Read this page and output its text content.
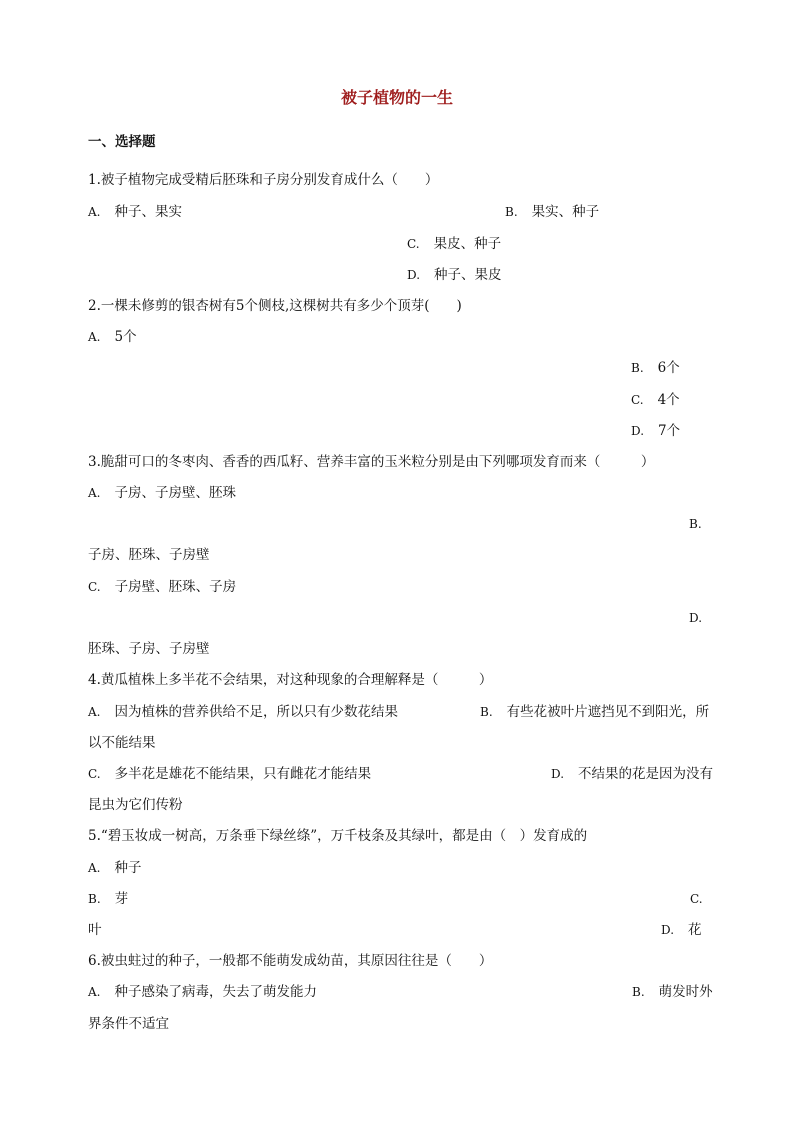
被子植物的一生
一、选择题
1.被子植物完成受精后胚珠和子房分别发育成什么（　　）
A. 种子、果实	B. 果实、种子
C. 果皮、种子
D. 种子、果皮
2.一棵未修剪的银杏树有5个侧枝,这棵树共有多少个顶芽(　　)
A. 5个
B. 6个
C. 4个
D. 7个
3.脆甜可口的冬枣肉、香香的西瓜籽、营养丰富的玉米粒分别是由下列哪项发育而来（　　　）
A. 子房、子房壁、胚珠
B.
子房、胚珠、子房壁
C. 子房壁、胚珠、子房
D.
胚珠、子房、子房壁
4.黄瓜植株上多半花不会结果，对这种现象的合理解释是（　　　）
A. 因为植株的营养供给不足，所以只有少数花结果	B. 有些花被叶片遮挡见不到阳光，所
以不能结果
C. 多半花是雄花不能结果，只有雌花才能结果	D. 不结果的花是因为没有
昆虫为它们传粉
5.“碧玉妆成一树高，万条垂下绿丝绦”，万千枝条及其绿叶，都是由（　）发育成的
A. 种子
B. 芽	C.
叶	D. 花
6.被虫蛀过的种子，一般都不能萌发成幼苗，其原因往往是（　　）
A. 种子感染了病毒，失去了萌发能力	B. 萌发时外
界条件不适宜
